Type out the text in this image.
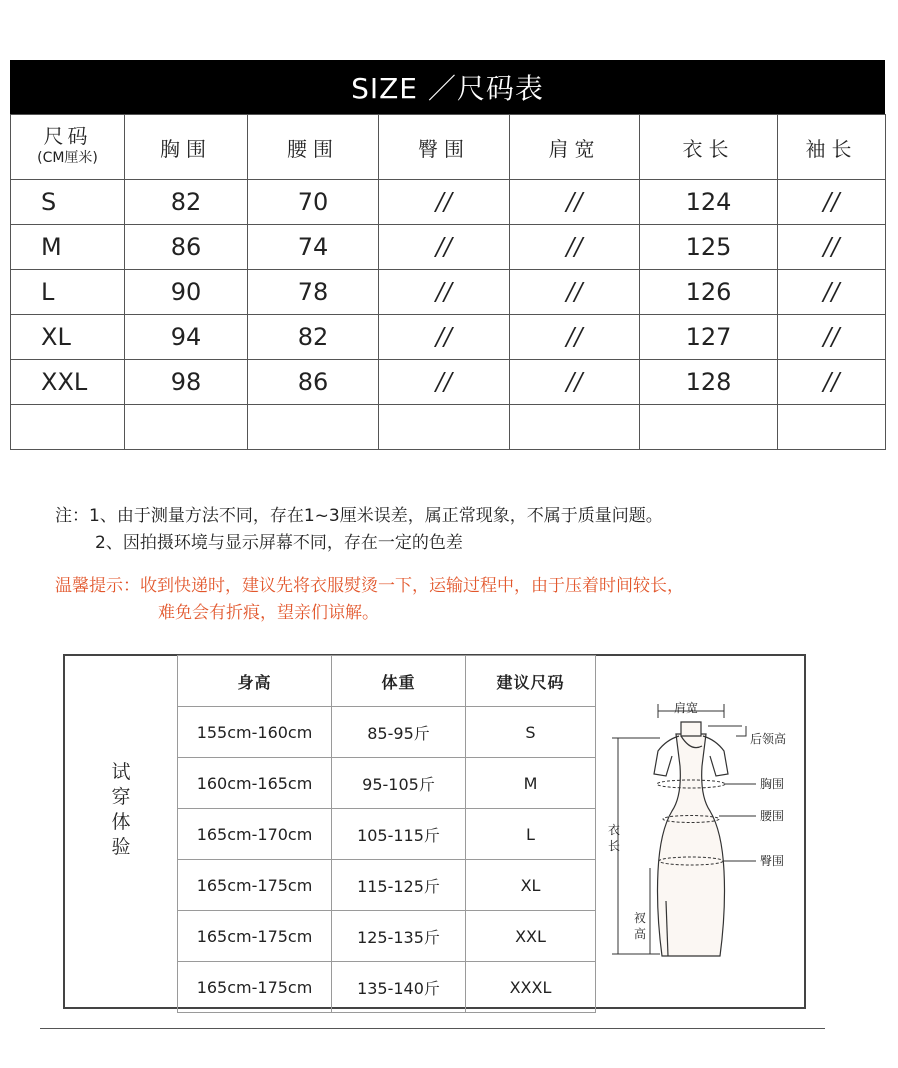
SIZE ／尺码表
尺码
(CM厘米)	胸围	腰围	臀围	肩宽	衣长	袖长
S	82	70	//	//	124	//
M	86	74	//	//	125	//
L	90	78	//	//	126	//
XL	94	82	//	//	127	//
XXL	98	86	//	//	128	//

注：1、由于测量方法不同，存在1~3厘米误差，属正常现象，不属于质量问题。
2、因拍摄环境与显示屏幕不同，存在一定的色差
温馨提示：收到快递时，建议先将衣服熨烫一下，运输过程中，由于压着时间较长，
难免会有折痕，望亲们谅解。
试
穿
体
验
身高	体重	建议尺码
155cm-160cm	85-95斤	S
160cm-165cm	95-105斤	M
165cm-170cm	105-115斤	L
165cm-175cm	115-125斤	XL
165cm-175cm	125-135斤	XXL
165cm-175cm	135-140斤	XXXL
肩宽
后领高
胸围
腰围
臀围
衣
长
衩
高
